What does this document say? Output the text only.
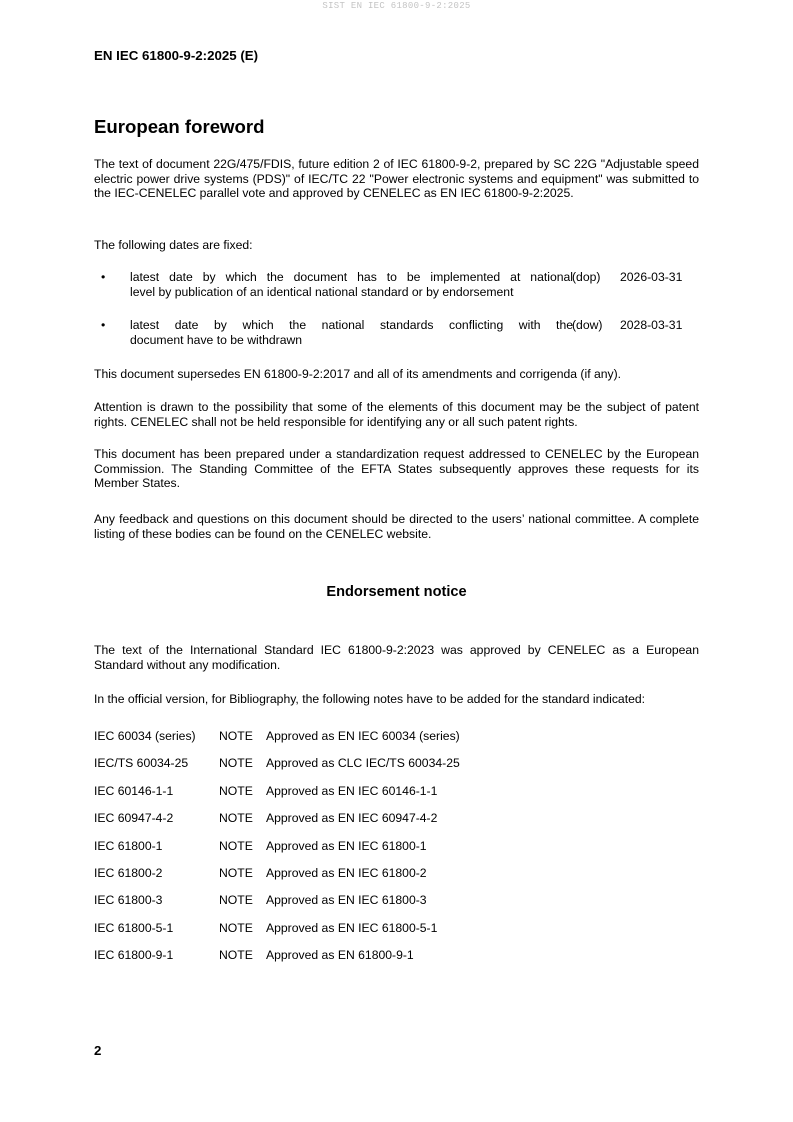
SIST EN IEC 61800-9-2:2025
EN IEC 61800-9-2:2025 (E)
European foreword

The text of document 22G/475/FDIS, future edition 2 of IEC 61800-9-2, prepared by SC 22G "Adjustable speed electric power drive systems (PDS)" of IEC/TC 22 "Power electronic systems and equipment" was submitted to the IEC-CENELEC parallel vote and approved by CENELEC as EN IEC 61800-9-2:2025.

The following dates are fixed:

• latest date by which the document has to be implemented at national
level by publication of an identical national standard or by endorsement
(dop) 2026-03-31
• latest date by which the national standards conflicting with the
document have to be withdrawn
(dow) 2028-03-31

This document supersedes EN 61800-9-2:2017 and all of its amendments and corrigenda (if any).

Attention is drawn to the possibility that some of the elements of this document may be the subject of patent rights. CENELEC shall not be held responsible for identifying any or all such patent rights.

This document has been prepared under a standardization request addressed to CENELEC by the European Commission. The Standing Committee of the EFTA States subsequently approves these requests for its Member States.

Any feedback and questions on this document should be directed to the users’ national committee. A complete listing of these bodies can be found on the CENELEC website.

Endorsement notice

The text of the International Standard IEC 61800-9-2:2023 was approved by CENELEC as a European Standard without any modification.

In the official version, for Bibliography, the following notes have to be added for the standard indicated:

IEC 60034 (series) NOTE Approved as EN IEC 60034 (series)
IEC/TS 60034-25	NOTE Approved as CLC IEC/TS 60034-25
IEC 60146-1-1	NOTE Approved as EN IEC 60146-1-1
IEC 60947-4-2	NOTE Approved as EN IEC 60947-4-2
IEC 61800-1	NOTE Approved as EN IEC 61800-1
IEC 61800-2	NOTE Approved as EN IEC 61800-2
IEC 61800-3	NOTE Approved as EN IEC 61800-3
IEC 61800-5-1	NOTE Approved as EN IEC 61800-5-1
IEC 61800-9-1	NOTE Approved as EN 61800-9-1
2
